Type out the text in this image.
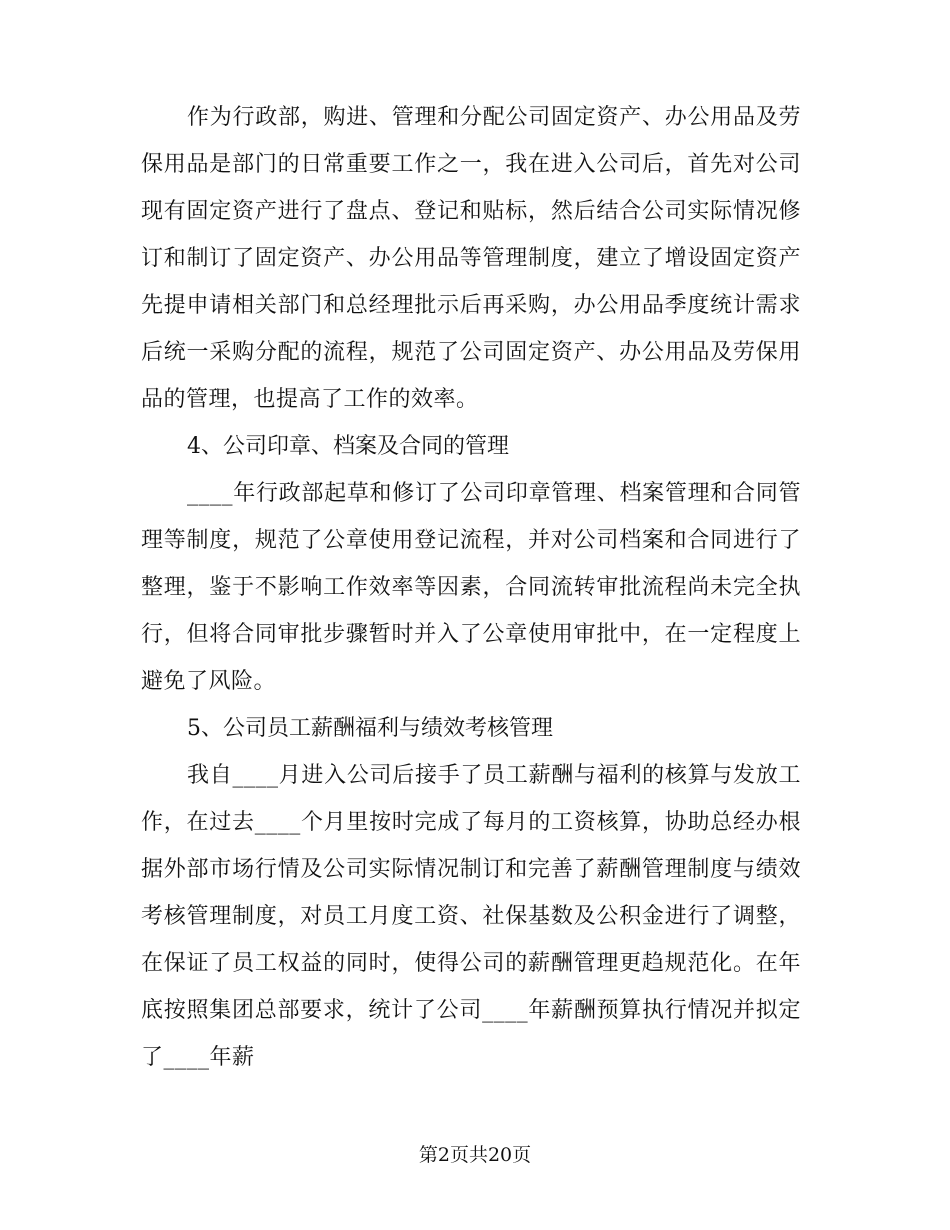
作为行政部，购进、管理和分配公司固定资产、办公用品及劳保用品是部门的日常重要工作之一，我在进入公司后，首先对公司现有固定资产进行了盘点、登记和贴标，然后结合公司实际情况修订和制订了固定资产、办公用品等管理制度，建立了增设固定资产先提申请相关部门和总经理批示后再采购，办公用品季度统计需求后统一采购分配的流程，规范了公司固定资产、办公用品及劳保用品的管理，也提高了工作的效率。

4、公司印章、档案及合同的管理

____年行政部起草和修订了公司印章管理、档案管理和合同管理等制度，规范了公章使用登记流程，并对公司档案和合同进行了整理，鉴于不影响工作效率等因素，合同流转审批流程尚未完全执行，但将合同审批步骤暂时并入了公章使用审批中，在一定程度上避免了风险。

5、公司员工薪酬福利与绩效考核管理

我自____月进入公司后接手了员工薪酬与福利的核算与发放工作，在过去____个月里按时完成了每月的工资核算，协助总经办根据外部市场行情及公司实际情况制订和完善了薪酬管理制度与绩效考核管理制度，对员工月度工资、社保基数及公积金进行了调整，在保证了员工权益的同时，使得公司的薪酬管理更趋规范化。在年底按照集团总部要求，统计了公司____年薪酬预算执行情况并拟定了____年薪

第2页共20页
